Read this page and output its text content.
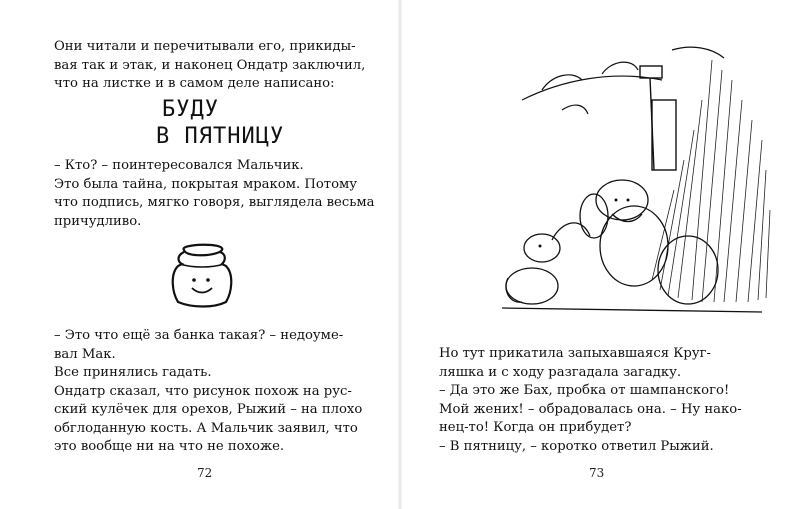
Они читали и перечитывали его, прикиды-

вая так и этак, и наконец Ондатр заключил,

что на листке и в самом деле написано:

БУДУ
В ПЯТНИЦУ

– Кто? – поинтересовался Мальчик.

Это была тайна, покрытая мраком. Потому

что подпись, мягко говоря, выглядела весьма

причудливо.

– Это что ещё за банка такая? – недоуме-

вал Мак.

Все принялись гадать.

Ондатр сказал, что рисунок похож на рус-

ский кулёчек для орехов, Рыжий – на плохо

обглоданную кость. А Мальчик заявил, что

это вообще ни на что не похоже.

72

Но тут прикатила запыхавшаяся Круг-

ляшка и с ходу разгадала загадку.

– Да это же Бах, пробка от шампанского!

Мой жених! – обрадовалась она. – Ну нако-

нец-то! Когда он прибудет?

– В пятницу, – коротко ответил Рыжий.

73
